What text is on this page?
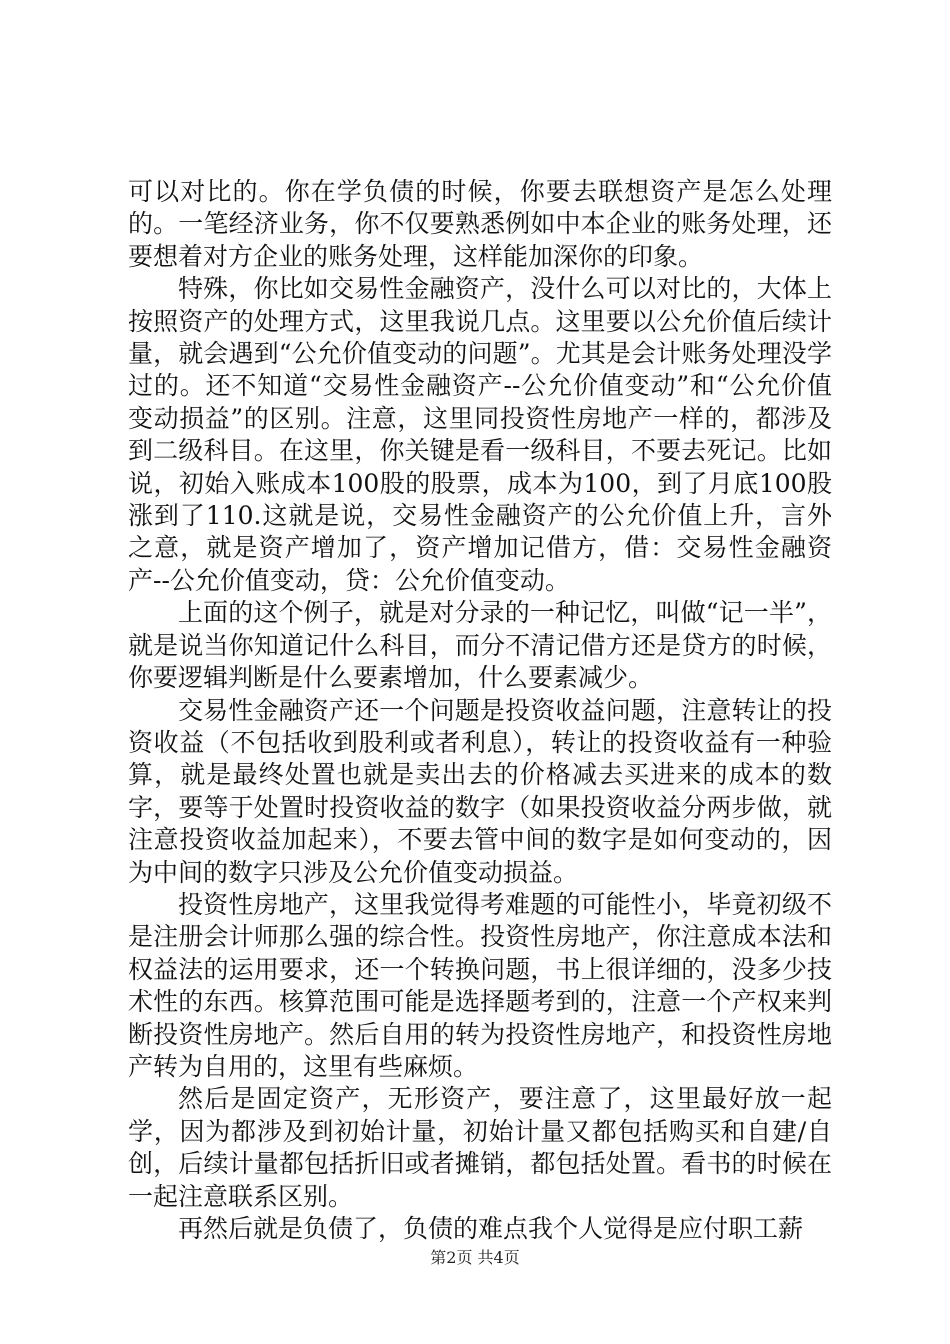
可以对比的。你在学负债的时候，你要去联想资产是怎么处理的。一笔经济业务，你不仅要熟悉例如中本企业的账务处理，还要想着对方企业的账务处理，这样能加深你的印象。

特殊，你比如交易性金融资产，没什么可以对比的，大体上按照资产的处理方式，这里我说几点。这里要以公允价值后续计量，就会遇到“公允价值变动的问题”。尤其是会计账务处理没学过的。还不知道“交易性金融资产--公允价值变动”和“公允价值变动损益”的区别。注意，这里同投资性房地产一样的，都涉及到二级科目。在这里，你关键是看一级科目，不要去死记。比如说，初始入账成本100股的股票，成本为100，到了月底100股涨到了110.这就是说，交易性金融资产的公允价值上升，言外之意，就是资产增加了，资产增加记借方，借：交易性金融资产--公允价值变动，贷：公允价值变动。

上面的这个例子，就是对分录的一种记忆，叫做“记一半”，就是说当你知道记什么科目，而分不清记借方还是贷方的时候，你要逻辑判断是什么要素增加，什么要素减少。

交易性金融资产还一个问题是投资收益问题，注意转让的投资收益（不包括收到股利或者利息），转让的投资收益有一种验算，就是最终处置也就是卖出去的价格减去买进来的成本的数字，要等于处置时投资收益的数字（如果投资收益分两步做，就注意投资收益加起来），不要去管中间的数字是如何变动的，因为中间的数字只涉及公允价值变动损益。

投资性房地产，这里我觉得考难题的可能性小，毕竟初级不是注册会计师那么强的综合性。投资性房地产，你注意成本法和权益法的运用要求，还一个转换问题，书上很详细的，没多少技术性的东西。核算范围可能是选择题考到的，注意一个产权来判断投资性房地产。然后自用的转为投资性房地产，和投资性房地产转为自用的，这里有些麻烦。

然后是固定资产，无形资产，要注意了，这里最好放一起学，因为都涉及到初始计量，初始计量又都包括购买和自建/自创，后续计量都包括折旧或者摊销，都包括处置。看书的时候在一起注意联系区别。

再然后就是负债了，负债的难点我个人觉得是应付职工薪

第2页 共4页
